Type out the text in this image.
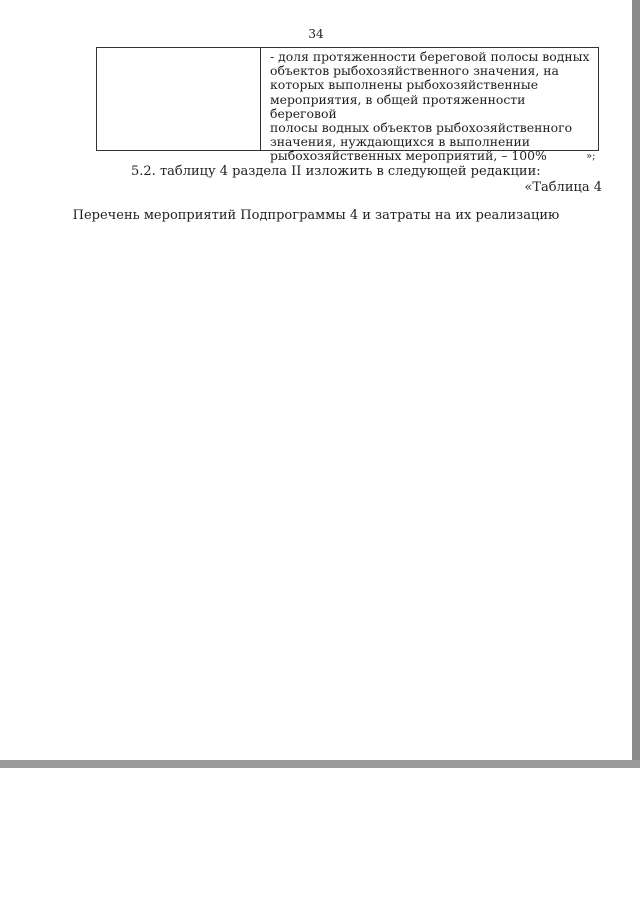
34
- доля протяженности береговой полосы водных
объектов рыбохозяйственного значения, на
которых выполнены рыбохозяйственные
мероприятия, в общей протяженности береговой
полосы водных объектов рыбохозяйственного
значения, нуждающихся в выполнении
рыбохозяйственных мероприятий, – 100%	»;
5.2. таблицу 4 раздела II изложить в следующей редакции:
«Таблица 4
Перечень мероприятий Подпрограммы 4 и затраты на их реализацию
